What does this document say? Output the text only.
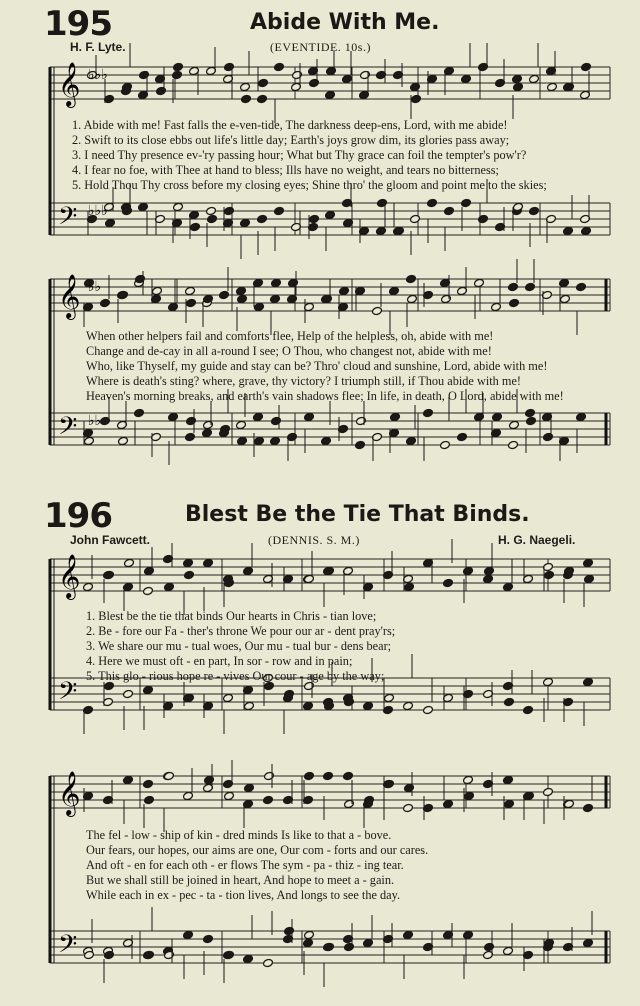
𝄞
𝄢
𝄞
𝄢
𝄞
𝄢
𝄞
𝄢
♭♭♭
♭♭♭
♭♭
♭♭
195	Abide With Me.
H. F. Lyte.	(EVENTIDE. 10s.)
1. Abide with me! Fast falls the e-ven-tide, The darkness deep-ens, Lord, with me abide!
2. Swift to its close ebbs out life's little day; Earth's joys grow dim, its glories pass away;
3. I need Thy presence ev-'ry passing hour; What but Thy grace can foil the tempter's pow'r?
4. I fear no foe, with Thee at hand to bless; Ills have no weight, and tears no bitterness;
5. Hold Thou Thy cross before my closing eyes; Shine thro' the gloom and point me to the skies;
When other helpers fail and comforts flee, Help of the helpless, oh, abide with me!
Change and de-cay in all a-round I see; O Thou, who changest not, abide with me!
Who, like Thyself, my guide and stay can be? Thro' cloud and sunshine, Lord, abide with me!
Where is death's sting? where, grave, thy victory? I triumph still, if Thou abide with me!
Heaven's morning breaks, and earth's vain shadows flee; In life, in death, O Lord, abide with me!
196	Blest Be the Tie That Binds.
John Fawcett.	(DENNIS. S. M.)	H. G. Naegeli.
1. Blest be the tie that binds Our hearts in Chris - tian love;
2. Be - fore our Fa - ther's throne We pour our ar - dent pray'rs;
3. We share our mu - tual woes, Our mu - tual bur - dens bear;
4. Here we must oft - en part, In sor - row and in pain;
5. This glo - rious hope re - vives Our cour - age by the way;
The fel - low - ship of kin - dred minds Is like to that a - bove.
Our fears, our hopes, our aims are one, Our com - forts and our cares.
And oft - en for each oth - er flows The sym - pa - thiz - ing tear.
But we shall still be joined in heart, And hope to meet a - gain.
While each in ex - pec - ta - tion lives, And longs to see the day.
